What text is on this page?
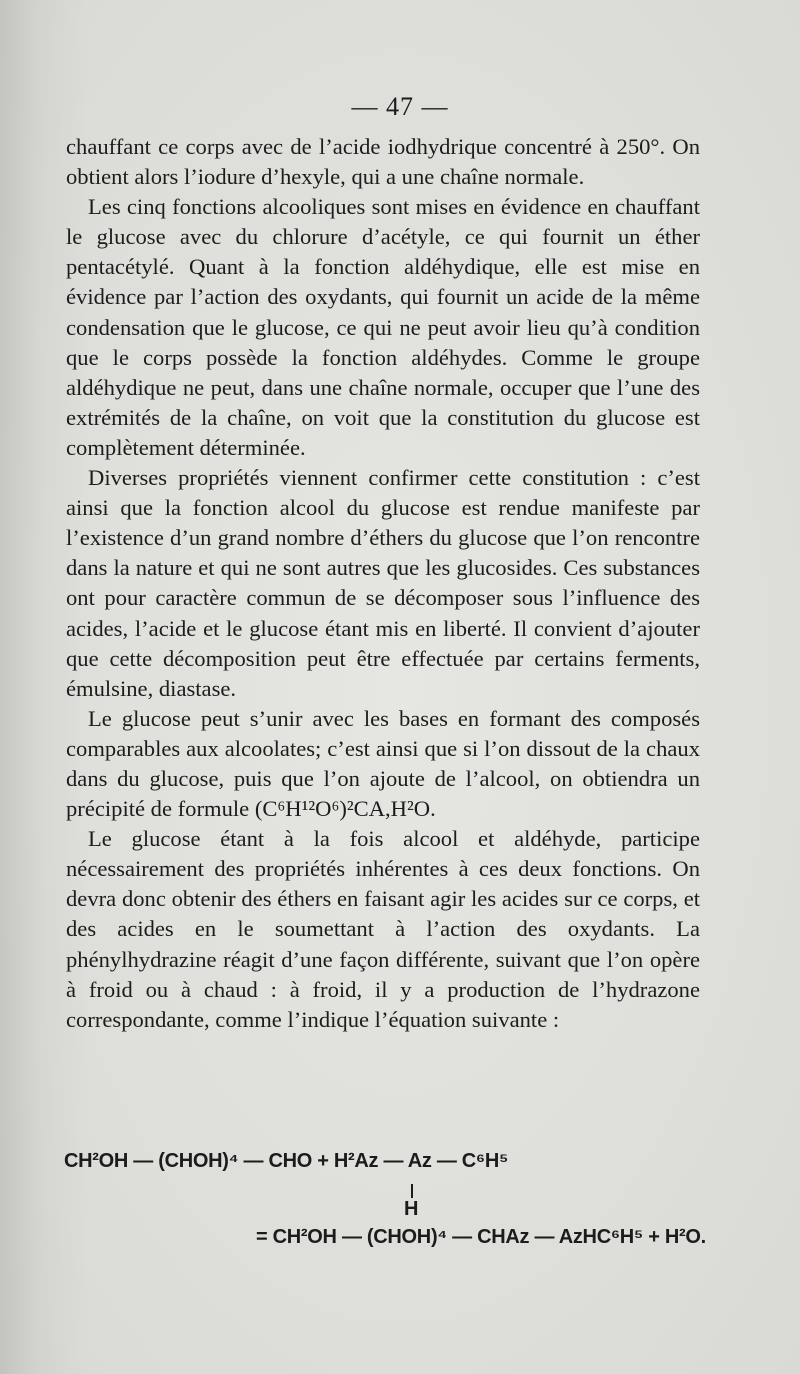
— 47 —

chauffant ce corps avec de l’acide iodhydrique concentré à 250°. On obtient alors l’iodure d’hexyle, qui a une chaîne normale.

Les cinq fonctions alcooliques sont mises en évidence en chauffant le glucose avec du chlorure d’acétyle, ce qui fournit un éther pentacétylé. Quant à la fonction aldéhydique, elle est mise en évidence par l’action des oxydants, qui fournit un acide de la même condensation que le glucose, ce qui ne peut avoir lieu qu’à condition que le corps possède la fonction aldéhydes. Comme le groupe aldéhydique ne peut, dans une chaîne normale, occuper que l’une des extrémités de la chaîne, on voit que la constitution du glucose est complètement déterminée.

Diverses propriétés viennent confirmer cette constitution : c’est ainsi que la fonction alcool du glucose est rendue manifeste par l’existence d’un grand nombre d’éthers du glucose que l’on rencontre dans la nature et qui ne sont autres que les glucosides. Ces substances ont pour caractère commun de se décomposer sous l’influence des acides, l’acide et le glucose étant mis en liberté. Il convient d’ajouter que cette décomposition peut être effectuée par certains ferments, émulsine, diastase.

Le glucose peut s’unir avec les bases en formant des composés comparables aux alcoolates; c’est ainsi que si l’on dissout de la chaux dans du glucose, puis que l’on ajoute de l’alcool, on obtiendra un précipité de formule (C⁶H¹²O⁶)²CA,H²O.

Le glucose étant à la fois alcool et aldéhyde, participe nécessairement des propriétés inhérentes à ces deux fonctions. On devra donc obtenir des éthers en faisant agir les acides sur ce corps, et des acides en le soumettant à l’action des oxydants. La phénylhydrazine réagit d’une façon différente, suivant que l’on opère à froid ou à chaud : à froid, il y a production de l’hydrazone correspondante, comme l’indique l’équation suivante :

CH²OH — (CHOH)⁴ — CHO + H²Az — Az — C⁶H⁵
H
= CH²OH — (CHOH)⁴ — CHAz — AzHC⁶H⁵ + H²O.
